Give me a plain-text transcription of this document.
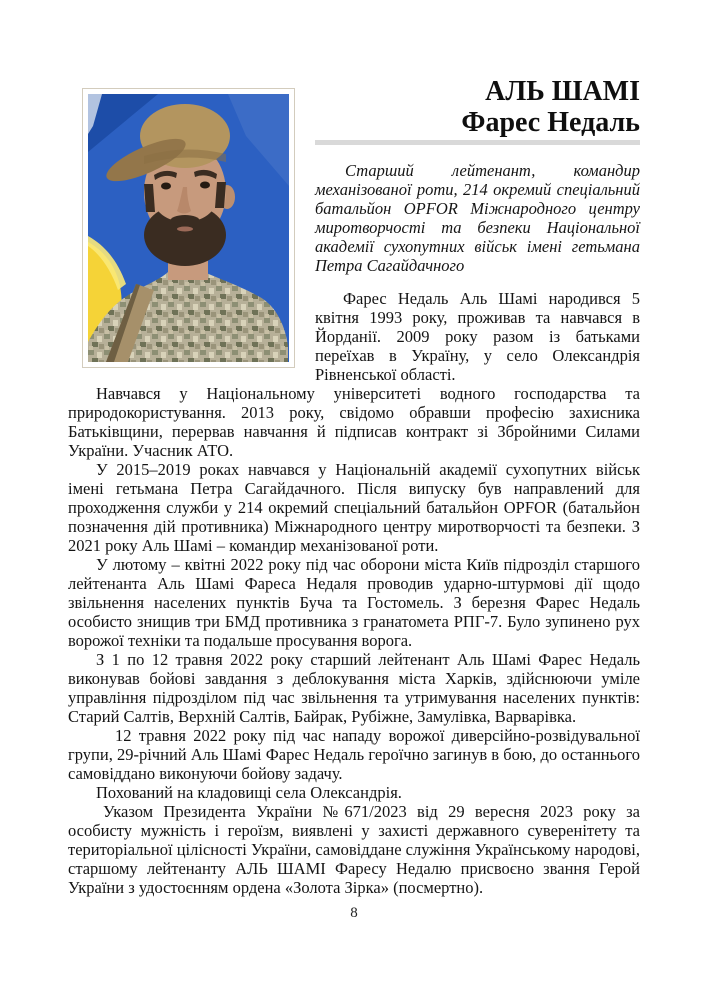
АЛЬ ШАМІ
Фарес Недаль

Старший лейтенант, командир механізованої роти, 214 окремий спеціальний батальйон OPFOR Міжнародного центру миротворчості та безпеки Національної академії сухопутних військ імені гетьмана Петра Сагайдачного

Фарес Недаль Аль Шамі народився 5 квітня 1993 року, проживав та навчався в Йорданії. 2009 року разом із батьками переїхав в Україну, у село Олександрія Рівненської області.

Навчався у Національному університеті водного господарства та природокористування. 2013 року, свідомо обравши професію захисника Батьківщини, перервав навчання й підписав контракт зі Збройними Силами України. Учасник АТО.

У 2015–2019 роках навчався у Національній академії сухопутних військ імені гетьмана Петра Сагайдачного. Після випуску був направлений для проходження служби у 214 окремий спеціальний батальйон OPFOR (батальйон позначення дій противника) Міжнародного центру миротворчості та безпеки. З 2021 року Аль Шамі – командир механізованої роти.

У лютому – квітні 2022 року під час оборони міста Київ підрозділ старшого лейтенанта Аль Шамі Фареса Недаля проводив ударно-штурмові дії щодо звільнення населених пунктів Буча та Гостомель. З березня Фарес Недаль особисто знищив три БМД противника з гранатомета РПГ-7. Було зупинено рух ворожої техніки та подальше просування ворога.

З 1 по 12 травня 2022 року старший лейтенант Аль Шамі Фарес Недаль виконував бойові завдання з деблокування міста Харків, здійснюючи уміле управління підрозділом під час звільнення та утримування населених пунктів: Старий Салтів, Верхній Салтів, Байрак, Рубіжне, Замулівка, Варварівка.

12 травня 2022 року під час нападу ворожої диверсійно-розвідувальної групи, 29-річний Аль Шамі Фарес Недаль героїчно загинув в бою, до останнього самовіддано виконуючи бойову задачу.

Похований на кладовищі села Олександрія.

Указом Президента України №671/2023 від 29 вересня 2023 року за особисту мужність і героїзм, виявлені у захисті державного суверенітету та територіальної цілісності України, самовіддане служіння Українському народові, старшому лейтенанту АЛЬ ШАМІ Фаресу Недалю присвоєно звання Герой України з удостоєнням ордена «Золота Зірка» (посмертно).

8
